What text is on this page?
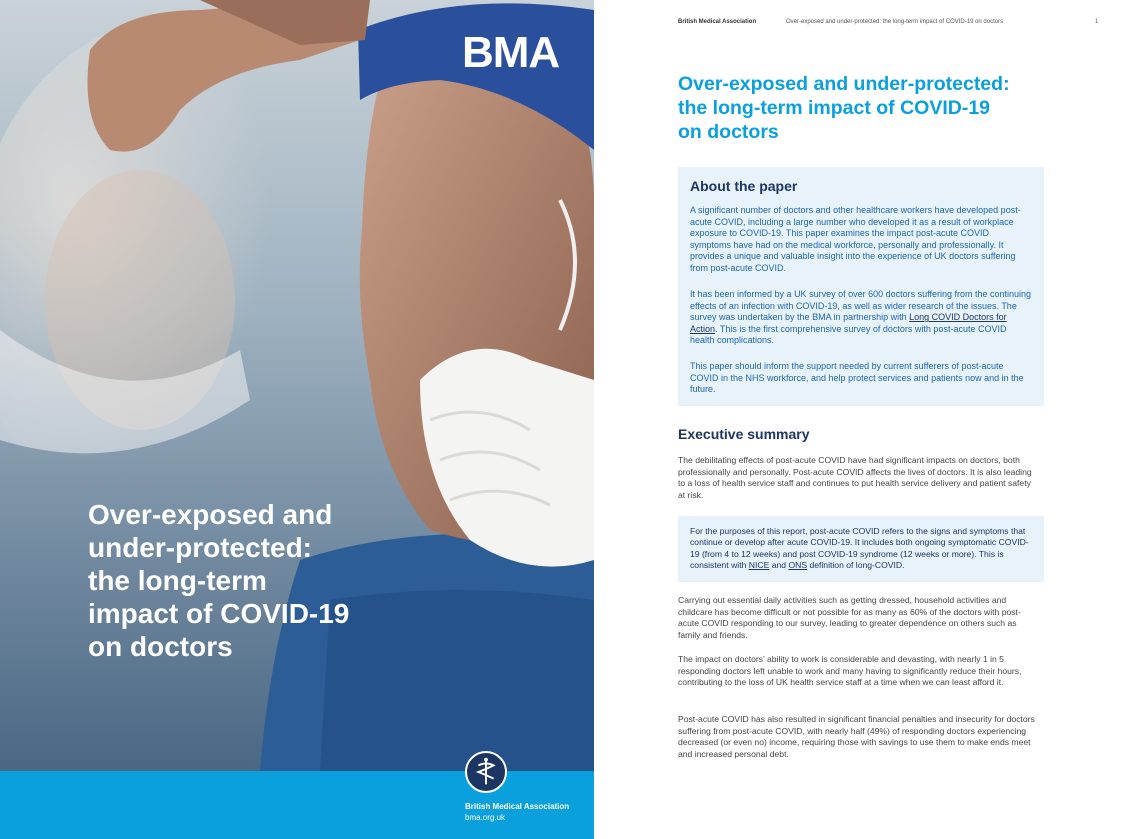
BMA
Over-exposed and
under-protected:
the long-term
impact of COVID-19
on doctors
British Medical Association
bma.org.uk
British Medical Association	Over-exposed and under-protected: the long-term impact of COVID-19 on doctors	1
Over-exposed and under-protected:
the long-term impact of COVID-19
on doctors
About the paper

A significant number of doctors and other healthcare workers have developed post-acute COVID, including a large number who developed it as a result of workplace exposure to COVID-19. This paper examines the impact post-acute COVID symptoms have had on the medical workforce, personally and professionally. It provides a unique and valuable insight into the experience of UK doctors suffering from post-acute COVID.

It has been informed by a UK survey of over 600 doctors suffering from the continuing effects of an infection with COVID-19, as well as wider research of the issues. The survey was undertaken by the BMA in partnership with Long COVID Doctors for Action. This is the first comprehensive survey of doctors with post-acute COVID health complications.

This paper should inform the support needed by current sufferers of post-acute COVID in the NHS workforce, and help protect services and patients now and in the future.

Executive summary

The debilitating effects of post-acute COVID have had significant impacts on doctors, both professionally and personally. Post-acute COVID affects the lives of doctors. It is also leading to a loss of health service staff and continues to put health service delivery and patient safety at risk.

For the purposes of this report, post-acute COVID refers to the signs and symptoms that continue or develop after acute COVID-19. It includes both ongoing symptomatic COVID-19 (from 4 to 12 weeks) and post COVID-19 syndrome (12 weeks or more). This is consistent with NICE and ONS definition of long-COVID.

Carrying out essential daily activities such as getting dressed, household activities and childcare has become difficult or not possible for as many as 60% of the doctors with post-acute COVID responding to our survey, leading to greater dependence on others such as family and friends.

The impact on doctors’ ability to work is considerable and devasting, with nearly 1 in 5 responding doctors left unable to work and many having to significantly reduce their hours, contributing to the loss of UK health service staff at a time when we can least afford it.

Post-acute COVID has also resulted in significant financial penalties and insecurity for doctors suffering from post-acute COVID, with nearly half (49%) of responding doctors experiencing decreased (or even no) income, requiring those with savings to use them to make ends meet and increased personal debt.
